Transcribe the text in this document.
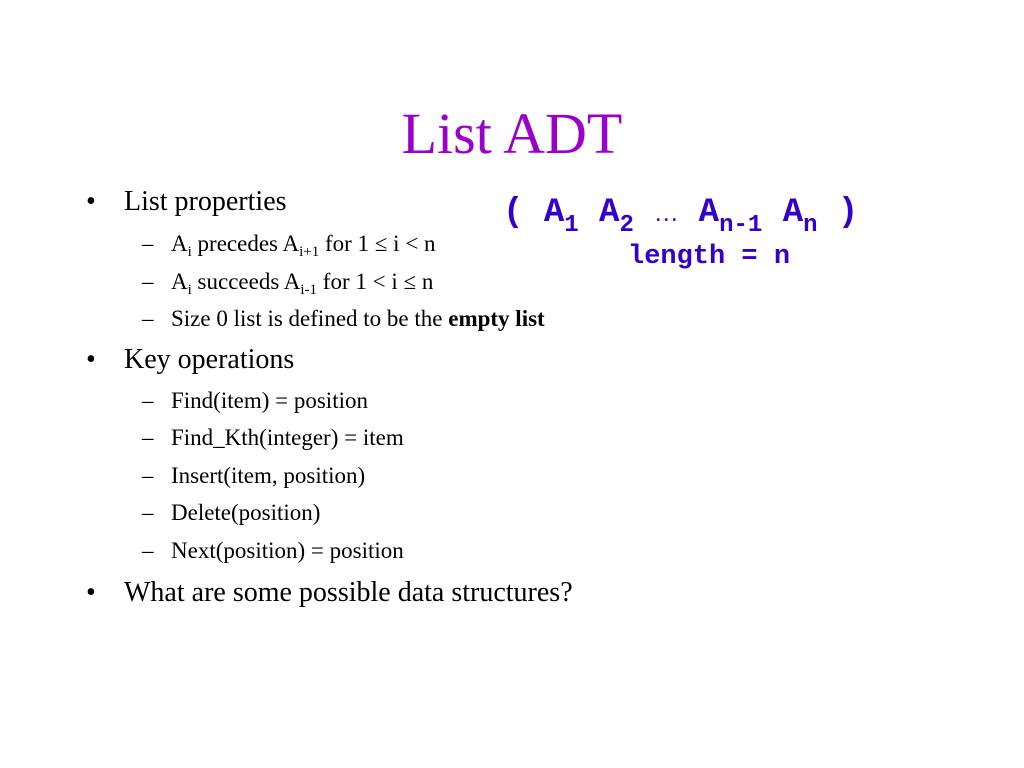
List ADT
( $A_1$ $A_2$ … $A_{n-1}$ $A_n$ )
length = n
• List properties
– $A_i$ precedes $A_{i+1}$ for 1 ≤ i < n
– $A_i$ succeeds $A_{i-1}$ for 1 < i ≤ n
– Size 0 list is defined to be the empty list
• Key operations
– Find(item) = position
– Find_Kth(integer) = item
– Insert(item, position)
– Delete(position)
– Next(position) = position
• What are some possible data structures?
